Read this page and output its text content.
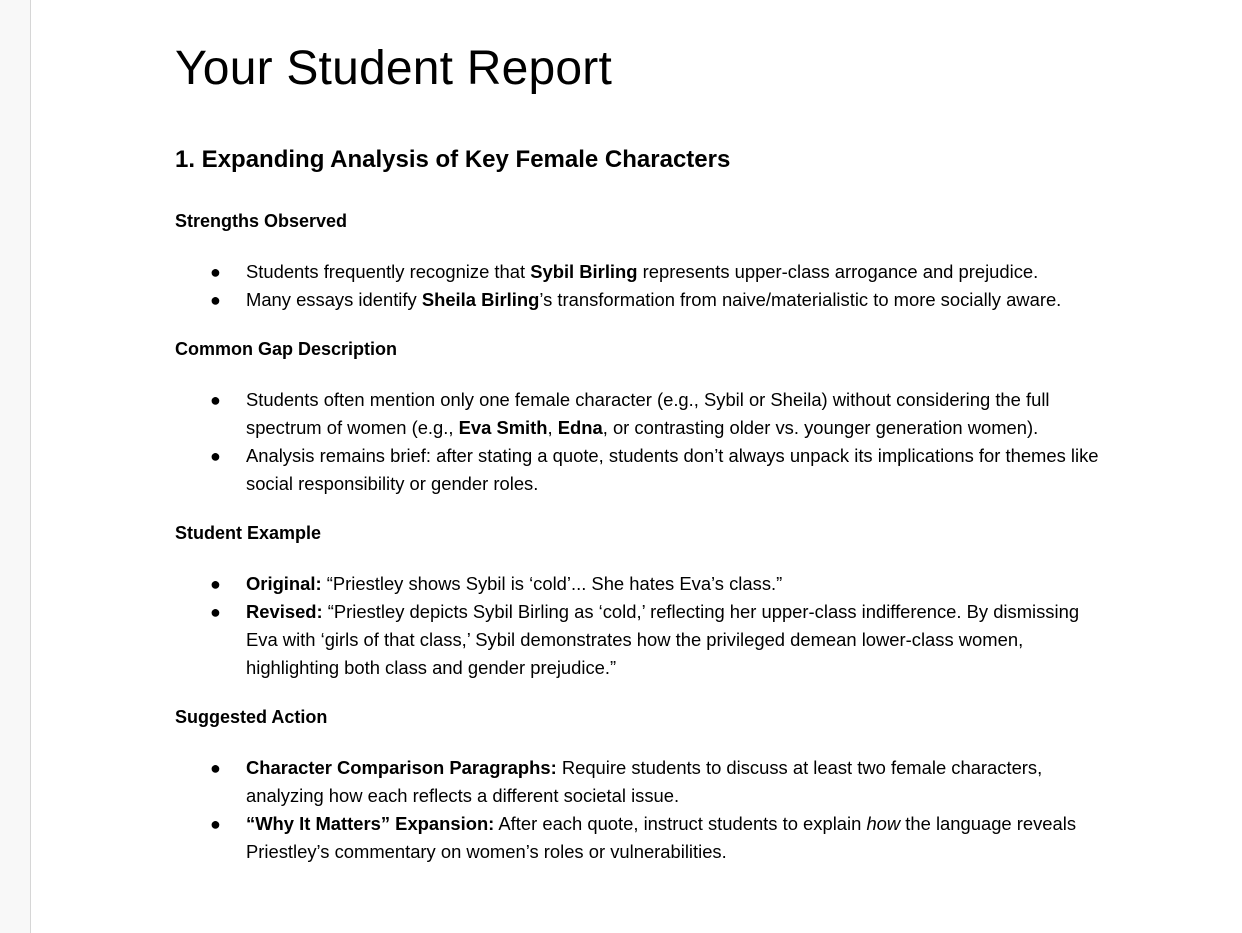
Your Student Report
1. Expanding Analysis of Key Female Characters
Strengths Observed
● Students frequently recognize that Sybil Birling represents upper-class arrogance and prejudice.
● Many essays identify Sheila Birling’s transformation from naive/materialistic to more socially aware.
Common Gap Description
● Students often mention only one female character (e.g., Sybil or Sheila) without considering the full spectrum of women (e.g., Eva Smith, Edna, or contrasting older vs. younger generation women).
● Analysis remains brief: after stating a quote, students don’t always unpack its implications for themes like social responsibility or gender roles.
Student Example
● Original: “Priestley shows Sybil is ‘cold’... She hates Eva’s class.”
● Revised: “Priestley depicts Sybil Birling as ‘cold,’ reflecting her upper-class indifference. By dismissing Eva with ‘girls of that class,’ Sybil demonstrates how the privileged demean lower-class women, highlighting both class and gender prejudice.”
Suggested Action
● Character Comparison Paragraphs: Require students to discuss at least two female characters, analyzing how each reflects a different societal issue.
● “Why It Matters” Expansion: After each quote, instruct students to explain how the language reveals Priestley’s commentary on women’s roles or vulnerabilities.
